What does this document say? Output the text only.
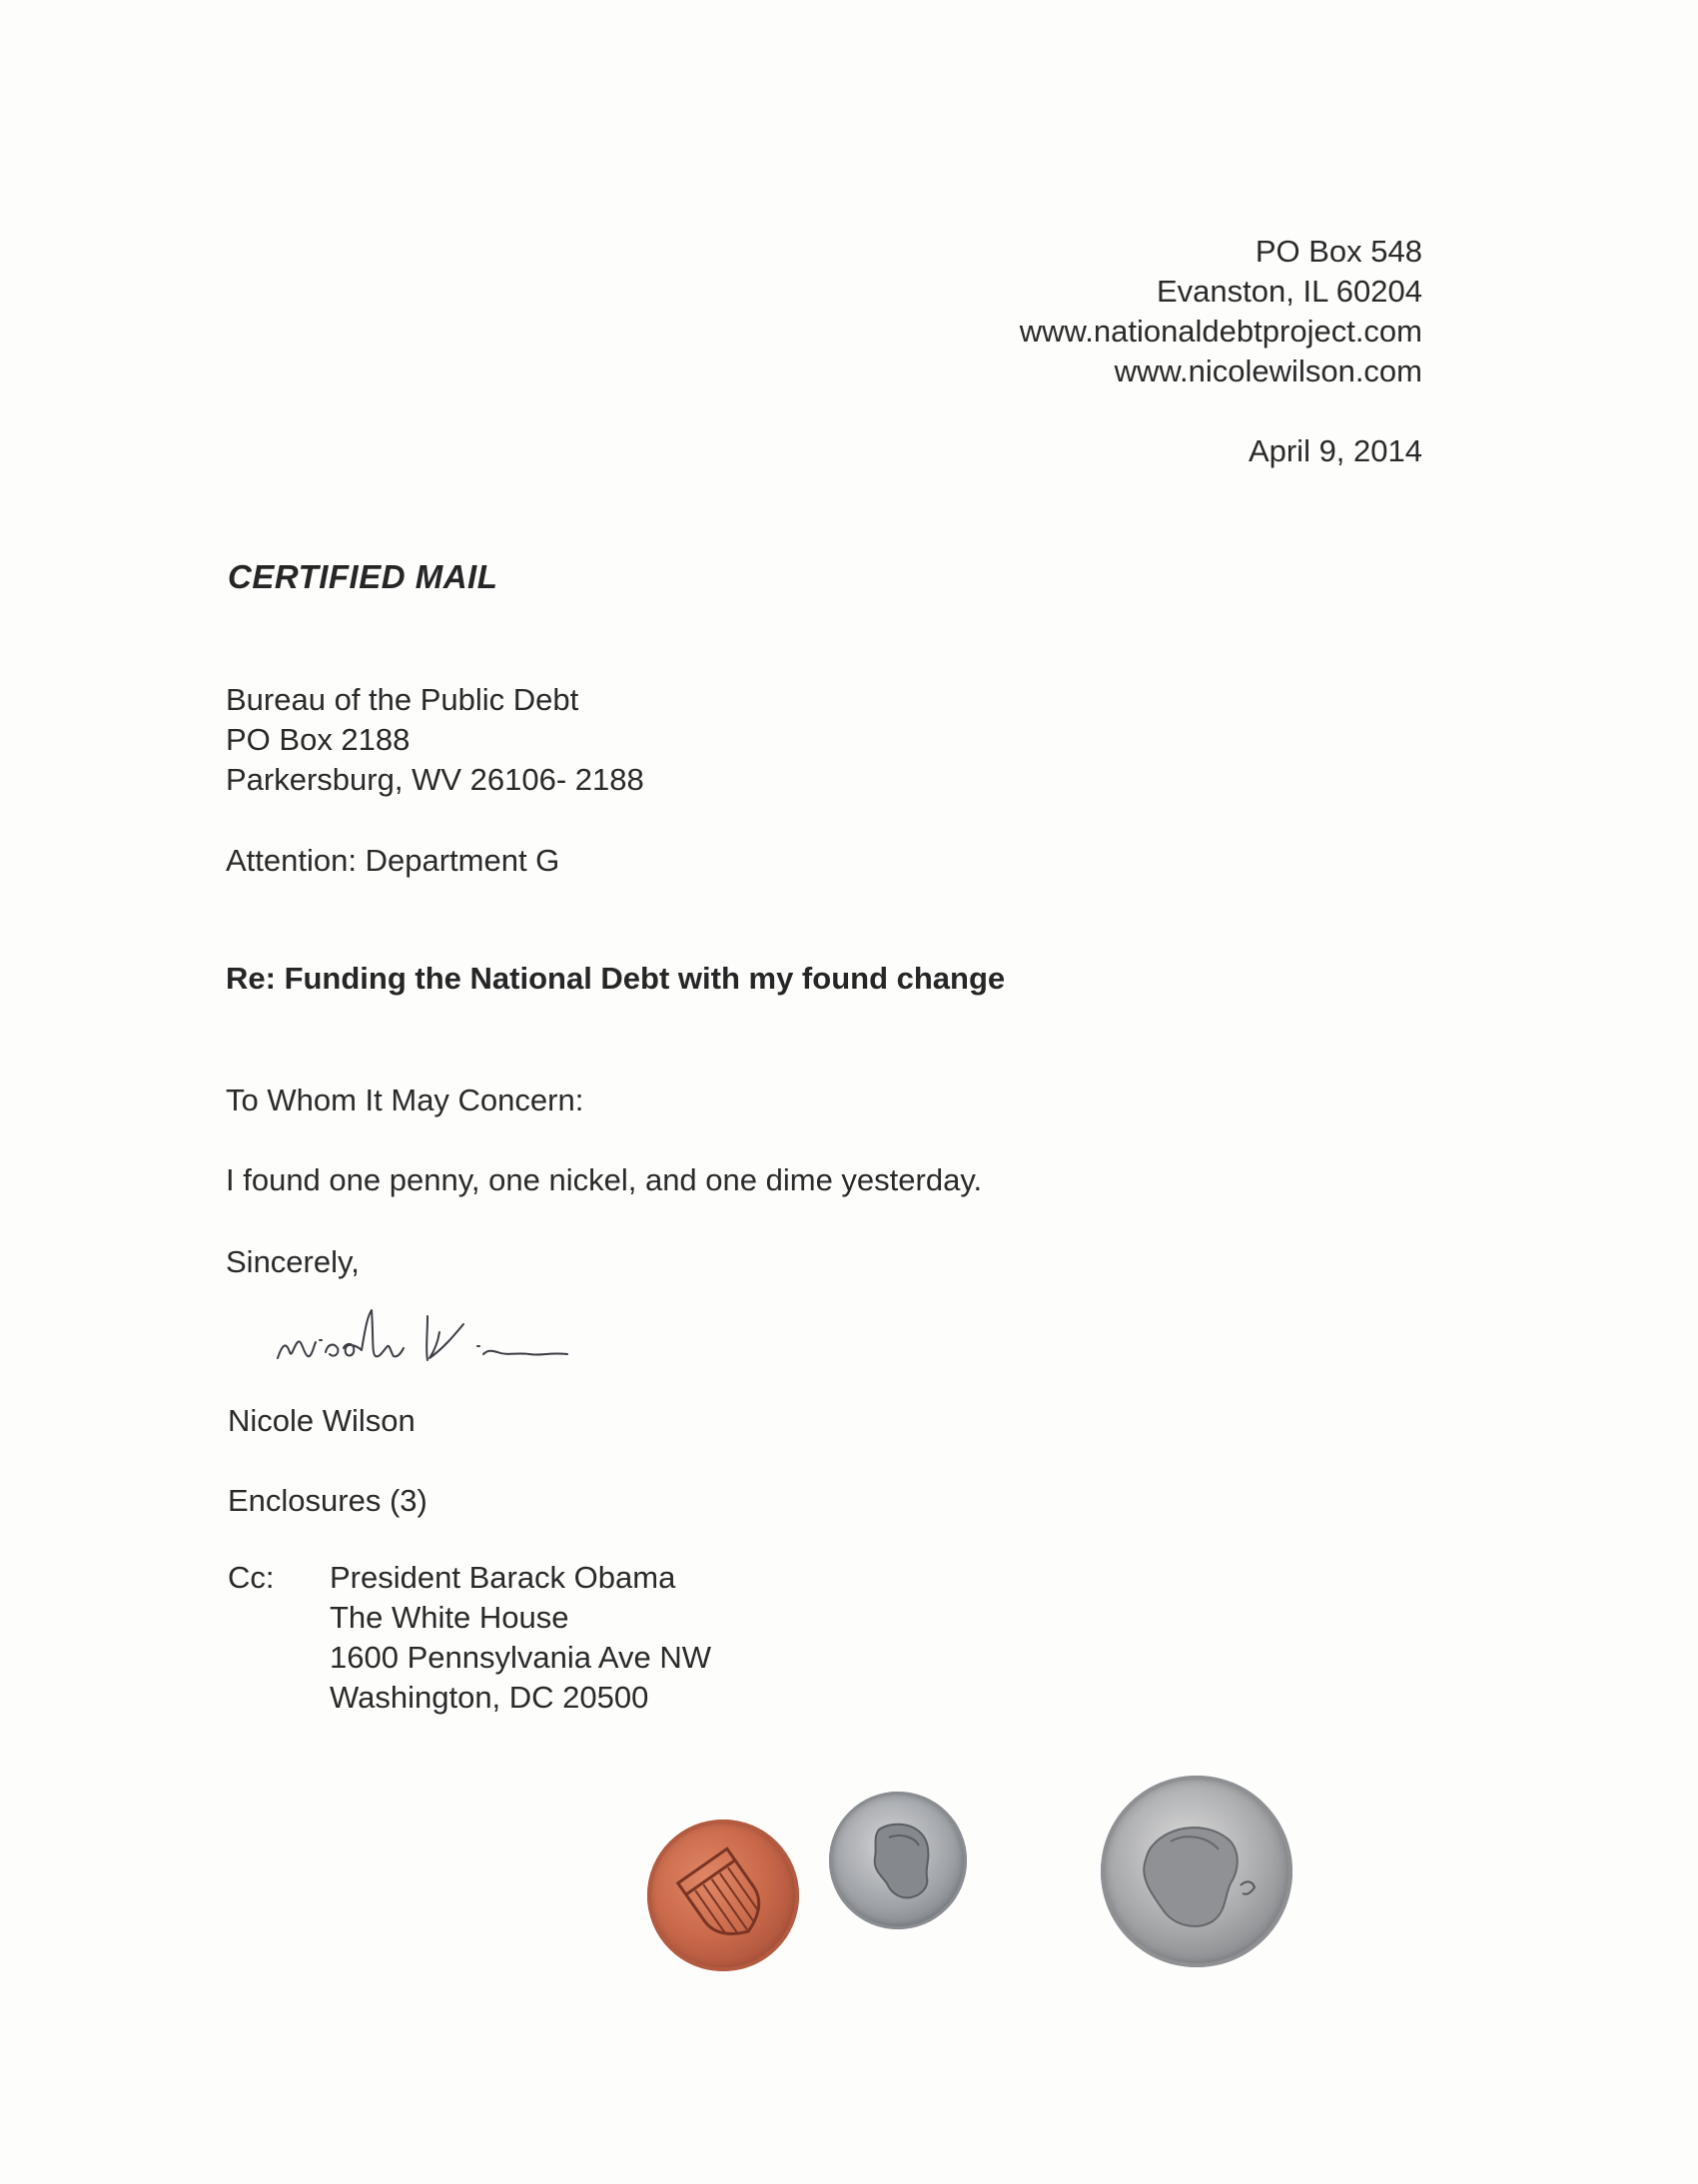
PO Box 548
Evanston, IL 60204
www.nationaldebtproject.com
www.nicolewilson.com
April 9, 2014
CERTIFIED MAIL
Bureau of the Public Debt
PO Box 2188
Parkersburg, WV 26106- 2188
Attention: Department G
Re: Funding the National Debt with my found change
To Whom It May Concern:
I found one penny, one nickel, and one dime yesterday.
Sincerely,
Nicole Wilson
Enclosures (3)
Cc: President Barack Obama
The White House
1600 Pennsylvania Ave NW
Washington, DC 20500
